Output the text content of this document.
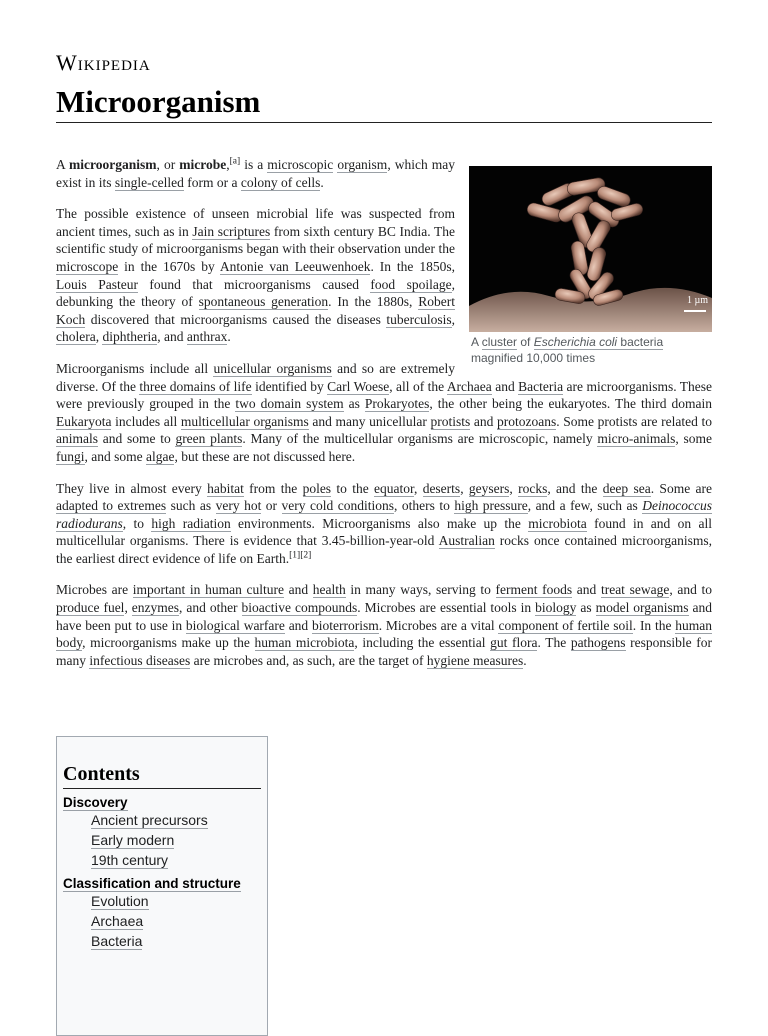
Wikipedia
Microorganism
1 µm
A cluster of Escherichia coli bacteria magnified 10,000 times

A microorganism, or microbe,[a] is a microscopic organism, which may exist in its single-celled form or a colony of cells.

The possible existence of unseen microbial life was suspected from ancient times, such as in Jain scriptures from sixth century BC India. The scientific study of microorganisms began with their observation under the microscope in the 1670s by Antonie van Leeuwenhoek. In the 1850s, Louis Pasteur found that microorganisms caused food spoilage, debunking the theory of spontaneous generation. In the 1880s, Robert Koch discovered that microorganisms caused the diseases tuberculosis, cholera, diphtheria, and anthrax.

Microorganisms include all unicellular organisms and so are extremely diverse. Of the three domains of life identified by Carl Woese, all of the Archaea and Bacteria are microorganisms. These were previously grouped in the two domain system as Prokaryotes, the other being the eukaryotes. The third domain Eukaryota includes all multicellular organisms and many unicellular protists and protozoans. Some protists are related to animals and some to green plants. Many of the multicellular organisms are microscopic, namely micro-animals, some fungi, and some algae, but these are not discussed here.

They live in almost every habitat from the poles to the equator, deserts, geysers, rocks, and the deep sea. Some are adapted to extremes such as very hot or very cold conditions, others to high pressure, and a few, such as Deinococcus radiodurans, to high radiation environments. Microorganisms also make up the microbiota found in and on all multicellular organisms. There is evidence that 3.45-billion-year-old Australian rocks once contained microorganisms, the earliest direct evidence of life on Earth.[1][2]

Microbes are important in human culture and health in many ways, serving to ferment foods and treat sewage, and to produce fuel, enzymes, and other bioactive compounds. Microbes are essential tools in biology as model organisms and have been put to use in biological warfare and bioterrorism. Microbes are a vital component of fertile soil. In the human body, microorganisms make up the human microbiota, including the essential gut flora. The pathogens responsible for many infectious diseases are microbes and, as such, are the target of hygiene measures.

Contents
Discovery
Ancient precursors
Early modern
19th century
Classification and structure
Evolution
Archaea
Bacteria
